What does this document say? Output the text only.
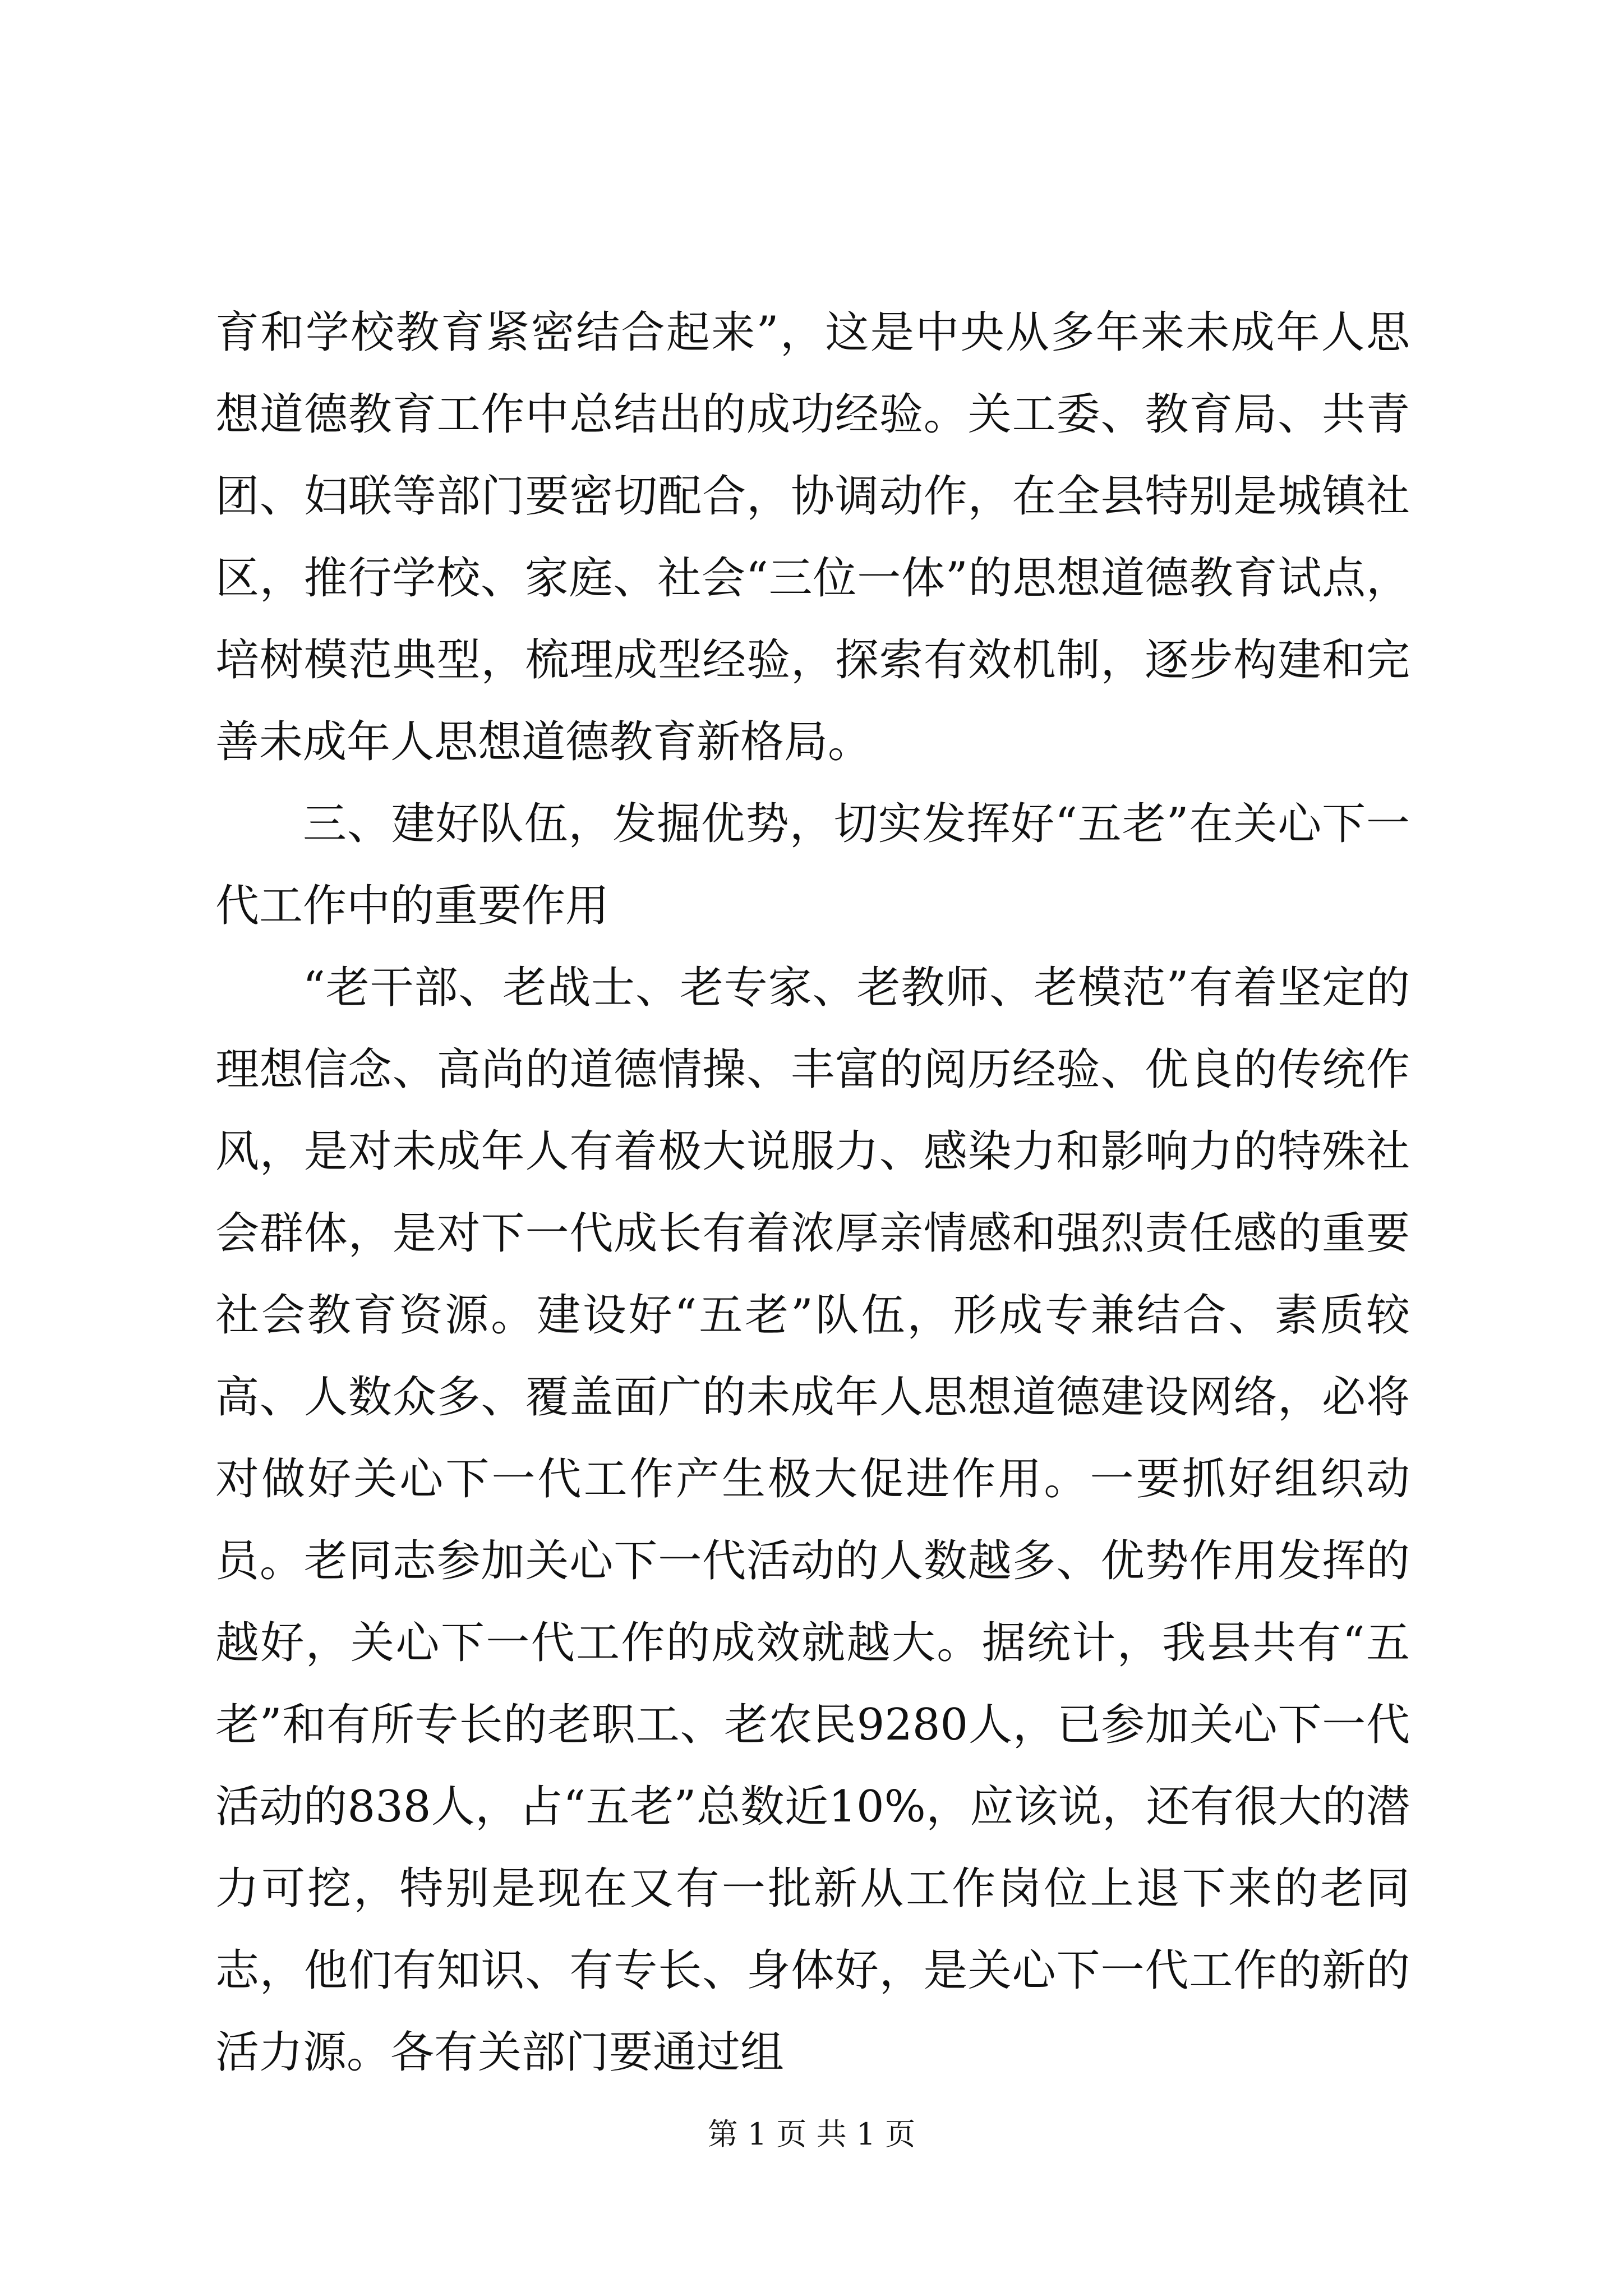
育和学校教育紧密结合起来”，这是中央从多年来未成年人思想道德教育工作中总结出的成功经验。关工委、教育局、共青团、妇联等部门要密切配合，协调动作，在全县特别是城镇社区，推行学校、家庭、社会“三位一体”的思想道德教育试点，培树模范典型，梳理成型经验，探索有效机制，逐步构建和完善未成年人思想道德教育新格局。

三、建好队伍，发掘优势，切实发挥好“五老”在关心下一代工作中的重要作用

“老干部、老战士、老专家、老教师、老模范”有着坚定的理想信念、高尚的道德情操、丰富的阅历经验、优良的传统作风，是对未成年人有着极大说服力、感染力和影响力的特殊社会群体，是对下一代成长有着浓厚亲情感和强烈责任感的重要社会教育资源。建设好“五老”队伍，形成专兼结合、素质较高、人数众多、覆盖面广的未成年人思想道德建设网络，必将对做好关心下一代工作产生极大促进作用。一要抓好组织动员。老同志参加关心下一代活动的人数越多、优势作用发挥的越好，关心下一代工作的成效就越大。据统计，我县共有“五老”和有所专长的老职工、老农民9280人，已参加关心下一代活动的838人，占“五老”总数近10%，应该说，还有很大的潜力可挖，特别是现在又有一批新从工作岗位上退下来的老同志，他们有知识、有专长、身体好，是关心下一代工作的新的活力源。各有关部门要通过组

第 1 页 共 1 页
